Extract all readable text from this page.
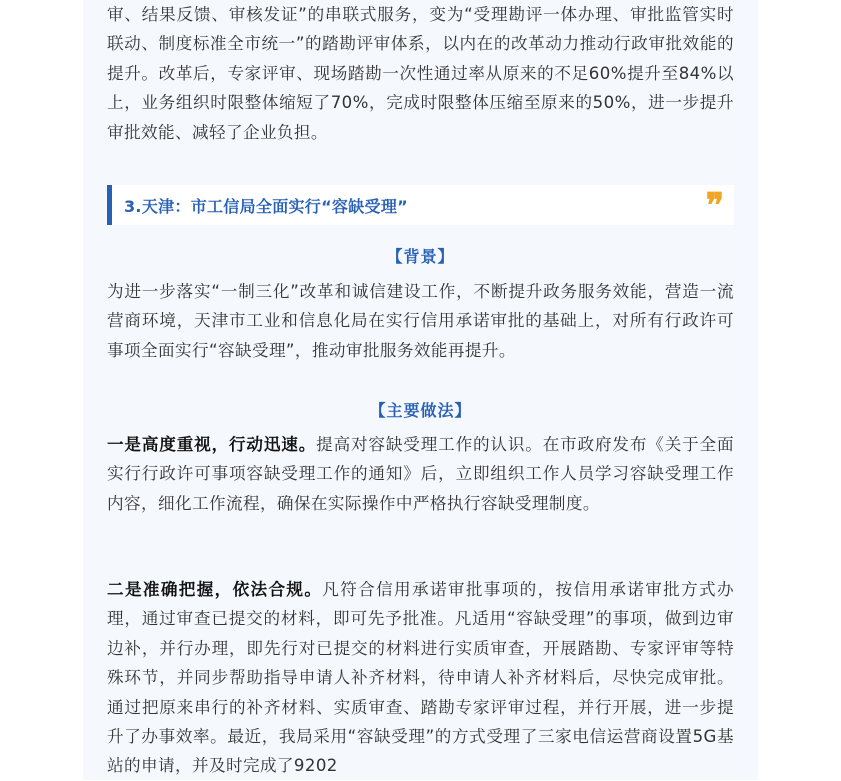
审、结果反馈、审核发证”的串联式服务，变为“受理勘评一体办理、审批监管实时联动、制度标准全市统一”的踏勘评审体系，以内在的改革动力推动行政审批效能的提升。改革后，专家评审、现场踏勘一次性通过率从原来的不足60%提升至84%以上，业务组织时限整体缩短了70%，完成时限整体压缩至原来的50%，进一步提升审批效能、减轻了企业负担。

3.天津：市工信局全面实行“容缺受理”	❞
【背景】

为进一步落实“一制三化”改革和诚信建设工作，不断提升政务服务效能，营造一流营商环境，天津市工业和信息化局在实行信用承诺审批的基础上，对所有行政许可事项全面实行“容缺受理”，推动审批服务效能再提升。

【主要做法】

一是高度重视，行动迅速。提高对容缺受理工作的认识。在市政府发布《关于全面实行行政许可事项容缺受理工作的通知》后，立即组织工作人员学习容缺受理工作内容，细化工作流程，确保在实际操作中严格执行容缺受理制度。

二是准确把握，依法合规。凡符合信用承诺审批事项的，按信用承诺审批方式办理，通过审查已提交的材料，即可先予批准。凡适用“容缺受理”的事项，做到边审边补，并行办理，即先行对已提交的材料进行实质审查，开展踏勘、专家评审等特殊环节，并同步帮助指导申请人补齐材料，待申请人补齐材料后，尽快完成审批。通过把原来串行的补齐材料、实质审查、踏勘专家评审过程，并行开展，进一步提升了办事效率。最近，我局采用“容缺受理”的方式受理了三家电信运营商设置5G基站的申请，并及时完成了9202
